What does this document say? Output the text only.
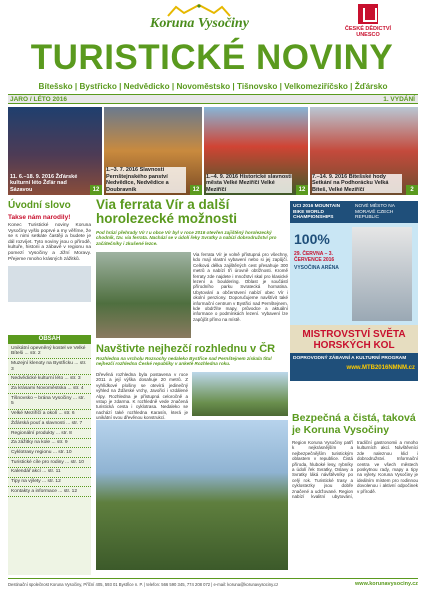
Koruna Vysočiny	ČESKÉ DĚDICTVÍ UNESCO
TURISTICKÉ NOVINY
Bítešsko | Bystřicko | Nedvědicko | Novoměstsko | Tišnovsko | Velkomeziříčsko | Žďársko
JARO / LÉTO 2016	1. VYDÁNÍ
11. 6.–18. 9. 2016 Žďárské kulturní léto Žďár nad Sázavou	12
1.–3. 7. 2016 Slavnosti Pernštejnského panství Nedvědice, Nedvědice a Doubravník	12
1.–4. 9. 2016 Historické slavnosti města Velké Meziříčí Velké Meziříčí	12
7.–14. 9. 2016 Bítešské hody Setkání na Podhorácku Velká Bíteš, Velké Meziříčí	2
Úvodní slovo
Takse nám narodily!
Konec Turistické noviny Koruna Vysočiny vyšlo poprvé a my věříme, že se s nimi setkáte častěji a budete je dál rozvíjet. Tyto noviny jsou o přírodě, kultuře, historii a zábavě v regionu na pomezí Vysočiny a Jižní Moravy. Přejeme mnoho krásných zážitků.
OBSAH
Unikátní opevněný kostel ve Velké Bíteši ... str. 2
Muzejní klenoty na Bystřicku ... str. 3
Nedvědické kulturní léto ... str. 3
Za krásami Novoměstska ... str. 4
Tišnovsko – brána Vysočiny ... str. 5
Velké Meziříčí a okolí ... str. 6
Žďárská pouť a slavnosti ... str. 7
Regionální produkty ... str. 8
Za zážitky na kole ... str. 9
Cyklotrasy regionu ... str. 10
Turistické cíle pro rodiny ... str. 10
Kalendář akcí ... str. 11
Tipy na výlety ... str. 12
Kontakty a informace ... str. 12
Via ferrata Vír a další horolezecké možnosti
Pod hrází přehrady Vír I u obce Vír byl v roce 2016 otevřen zajištěný horolezecký chodník, tzv. via ferrata. Nachází se v údolí řeky Svratky a nabízí dobrodružství pro začátečníky i zkušené lezce.
Via ferrata Vír je volně přístupná pro všechny, kdo mají vlastní vybavení nebo si jej zapůjčí. Celková délka zajištěných cest přesahuje 300 metrů a nabízí tři úrovně obtížnosti. Kromě ferraty zde najdete i množství skal pro klasické lezení a bouldering. Oblast je součástí přírodního parku Svratecká hornatina. Ubytování a občerstvení nabízí obec Vír i okolní penziony. Doporučujeme navštívit také informační centrum v Bystřici nad Pernštejnem, kde obdržíte mapy, průvodce a aktuální informace o podmínkách lezení. Vybavení lze zapůjčit přímo na místě.
Navštivte nejhezčí rozhlednu v ČR
Rozhledna na vrcholu Rozsochy nedaleko Bystřice nad Pernštejnem získala titul nejhezčí rozhledna České republiky v anketě Rozhledna roku.
Dřevěná rozhledna byla postavena v roce 2011 a její výška dosahuje 20 metrů. Z vyhlídkové plošiny se otevírá jedinečný výhled na Žďárské vrchy, Javořici i vzdálené Alpy. Rozhledna je přístupná celoročně a vstup je zdarma. K rozhledně vede značená turistická cesta i cyklotrasa. Nedaleko se nachází také rozhledna Karasín, která je unikátní svou dřevěnou konstrukcí.
UCI 2016 MOUNTAIN BIKE WORLD CHAMPIONSHIPS
NOVÉ MĚSTO NA MORAVĚ CZECH REPUBLIC
100%
29. ČERVNA – 3. ČERVENCE 2016
VYSOČINA ARÉNA
MISTROVSTVÍ SVĚTA HORSKÝCH KOL
DOPROVODNÝ ZÁBAVNÍ A KULTURNÍ PROGRAM
www.MTB2016NMNM.cz
Bezpečná a čistá, taková je Koruna Vysočiny
Region Koruna Vysočiny patří k nejkrásnějším a nejbezpečnějším turistickým oblastem v republice. Čistá příroda, hluboké lesy, rybníky a údolí řek Svratky, Oslavy a Svratky láká návštěvníky po celý rok. Turistické trasy a cyklostezky jsou dobře značené a udržované. Region nabízí kvalitní ubytování, tradiční gastronomii a mnoho kulturních akcí. Návštěvníci zde naleznou klid i dobrodružství. Informační centra ve všech městech poskytnou rady, mapy a tipy na výlety. Koruna Vysočiny je ideálním místem pro rodinnou dovolenou i aktivní odpočinek v přírodě.
Destinační společnost Koruna Vysočiny, Příční 405, 593 01 Bystřice n. P. | telefon: 566 590 345, 774 208 072 | e-mail: koruna@korunavysociny.cz	www.korunavysociny.cz
